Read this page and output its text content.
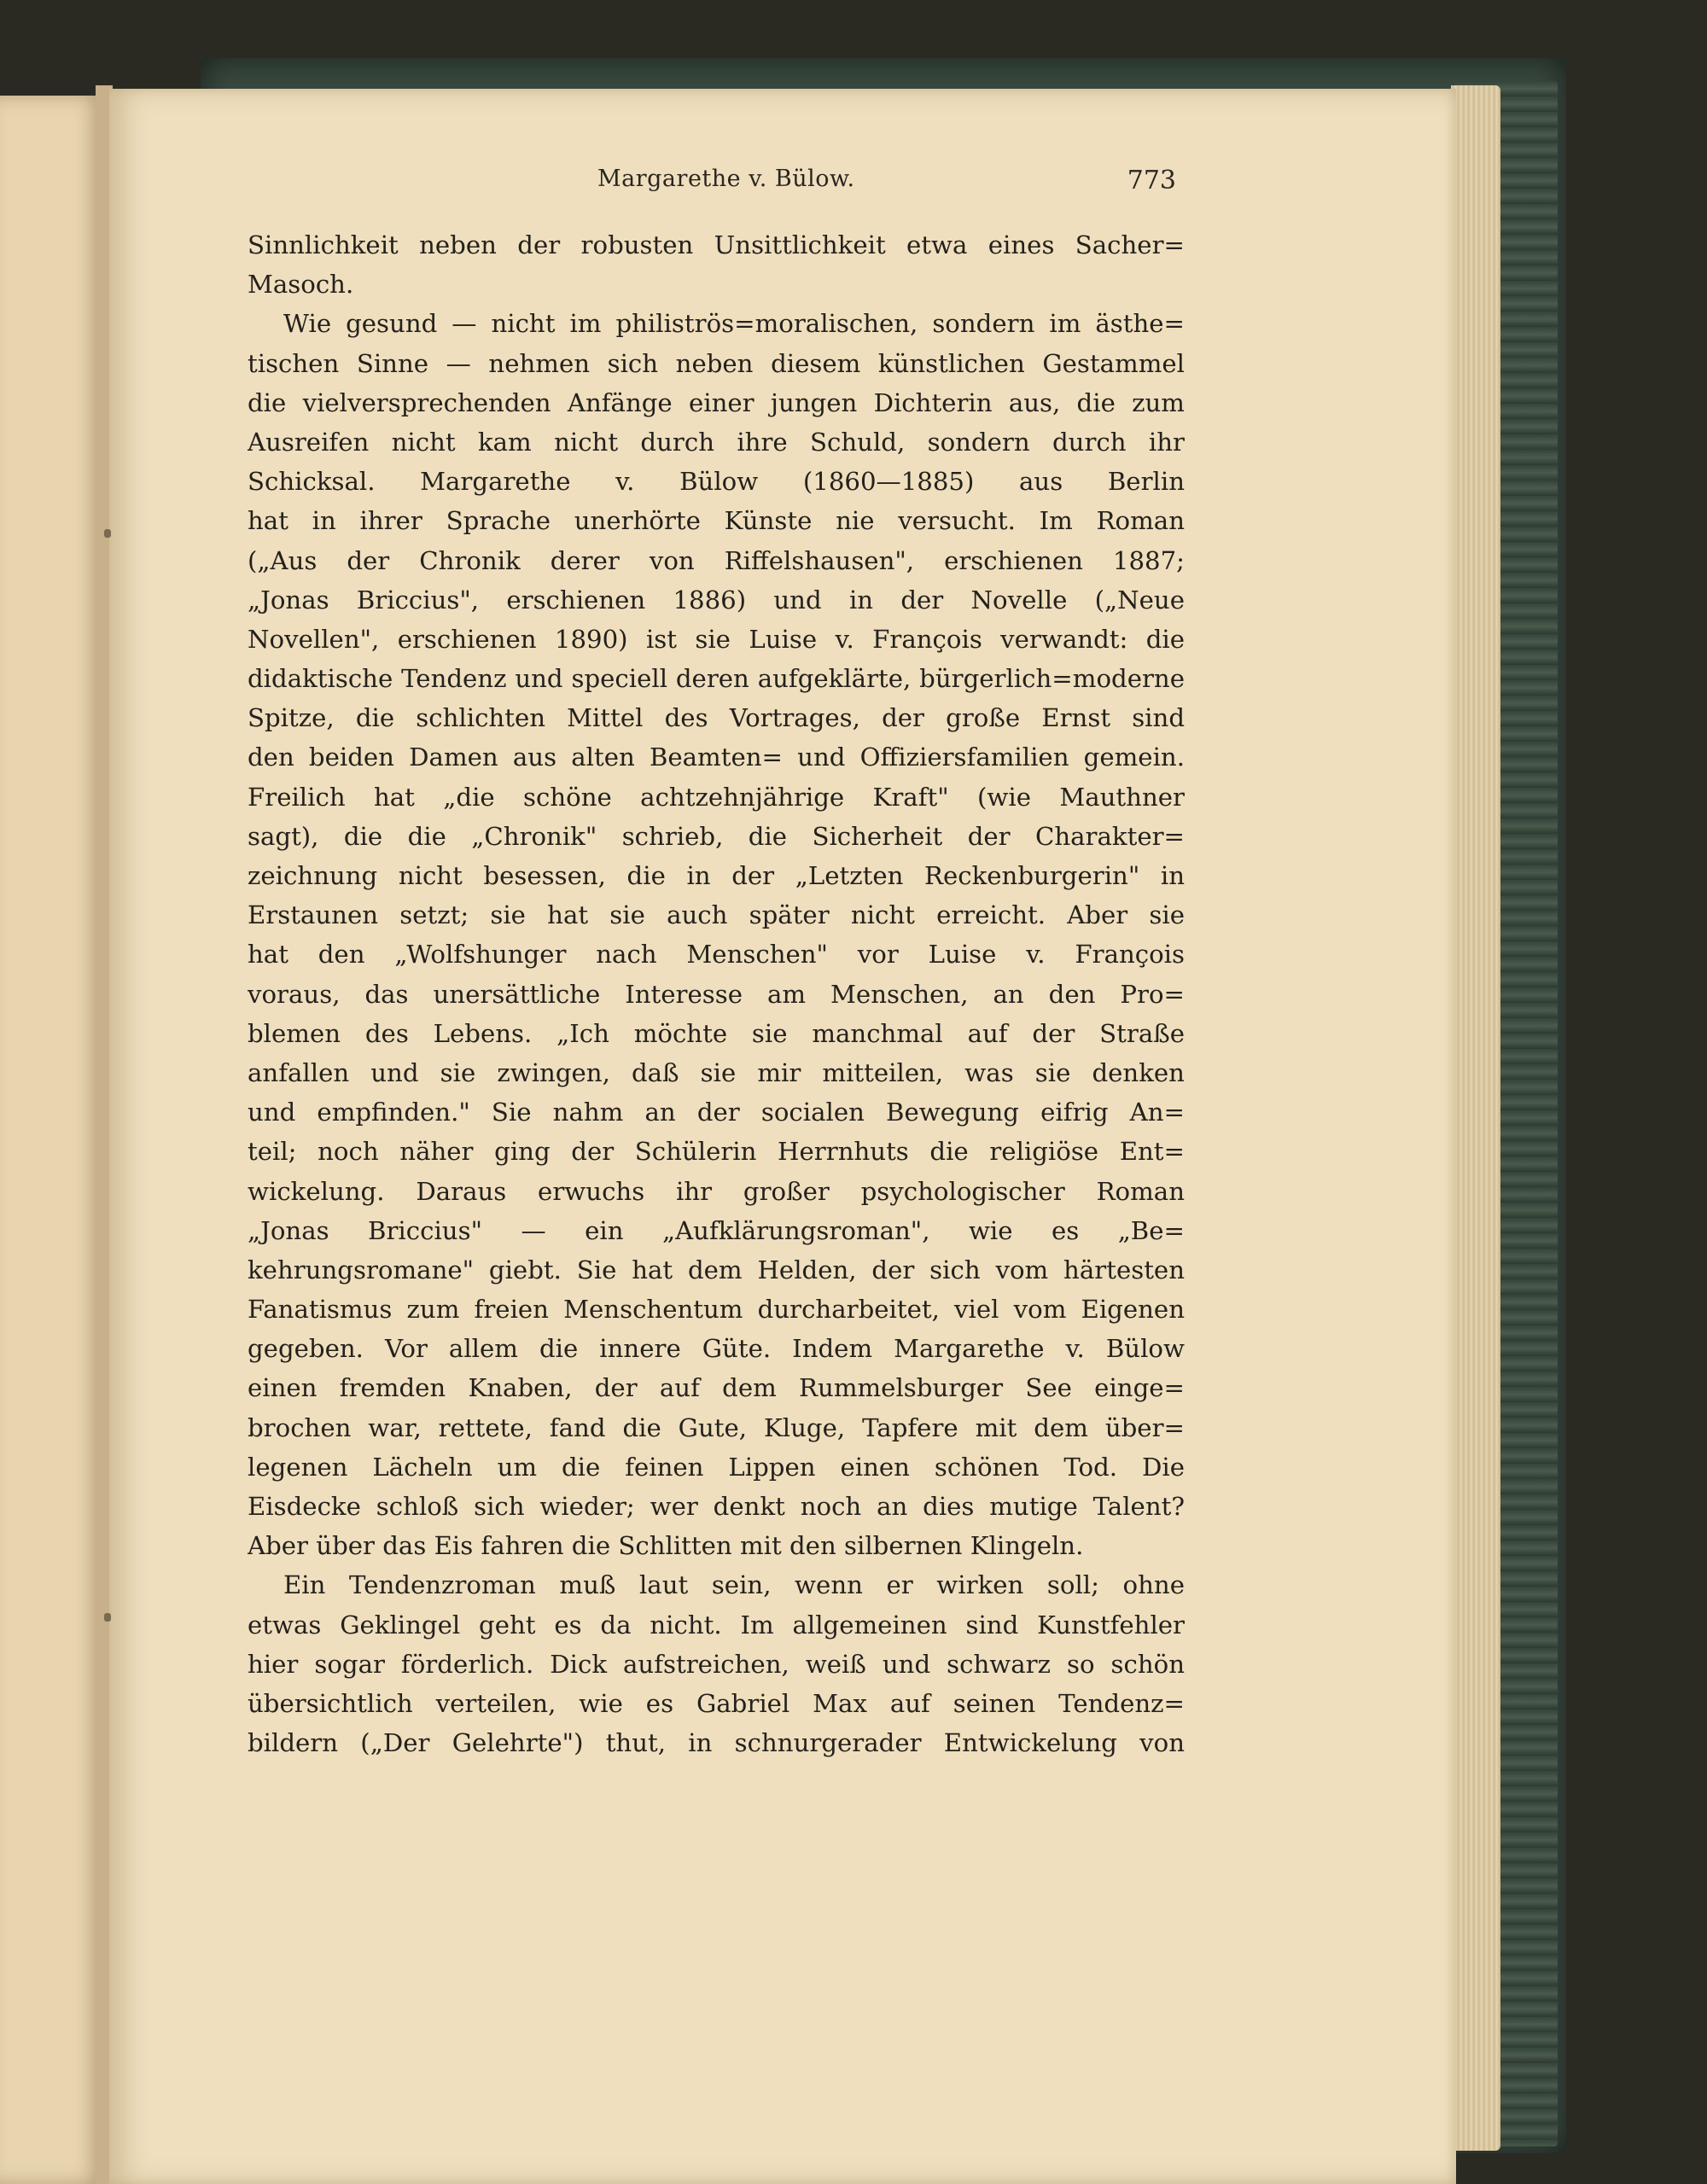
Margarethe v. Bülow.	773
Sinnlichkeit neben der robusten Unsittlichkeit etwa eines Sacher=
Masoch.
Wie gesund — nicht im philiströs=moralischen, sondern im ästhe=
tischen Sinne — nehmen sich neben diesem künstlichen Gestammel
die vielversprechenden Anfänge einer jungen Dichterin aus, die zum
Ausreifen nicht kam nicht durch ihre Schuld, sondern durch ihr
Schicksal. Margarethe v. Bülow (1860—1885) aus Berlin
hat in ihrer Sprache unerhörte Künste nie versucht. Im Roman
(„Aus der Chronik derer von Riffelshausen", erschienen 1887;
„Jonas Briccius", erschienen 1886) und in der Novelle („Neue
Novellen", erschienen 1890) ist sie Luise v. François verwandt: die
didaktische Tendenz und speciell deren aufgeklärte, bürgerlich=moderne
Spitze, die schlichten Mittel des Vortrages, der große Ernst sind
den beiden Damen aus alten Beamten= und Offiziersfamilien gemein.
Freilich hat „die schöne achtzehnjährige Kraft" (wie Mauthner
sagt), die die „Chronik" schrieb, die Sicherheit der Charakter=
zeichnung nicht besessen, die in der „Letzten Reckenburgerin" in
Erstaunen setzt; sie hat sie auch später nicht erreicht. Aber sie
hat den „Wolfshunger nach Menschen" vor Luise v. François
voraus, das unersättliche Interesse am Menschen, an den Pro=
blemen des Lebens. „Ich möchte sie manchmal auf der Straße
anfallen und sie zwingen, daß sie mir mitteilen, was sie denken
und empfinden." Sie nahm an der socialen Bewegung eifrig An=
teil; noch näher ging der Schülerin Herrnhuts die religiöse Ent=
wickelung. Daraus erwuchs ihr großer psychologischer Roman
„Jonas Briccius" — ein „Aufklärungsroman", wie es „Be=
kehrungsromane" giebt. Sie hat dem Helden, der sich vom härtesten
Fanatismus zum freien Menschentum durcharbeitet, viel vom Eigenen
gegeben. Vor allem die innere Güte. Indem Margarethe v. Bülow
einen fremden Knaben, der auf dem Rummelsburger See einge=
brochen war, rettete, fand die Gute, Kluge, Tapfere mit dem über=
legenen Lächeln um die feinen Lippen einen schönen Tod. Die
Eisdecke schloß sich wieder; wer denkt noch an dies mutige Talent?
Aber über das Eis fahren die Schlitten mit den silbernen Klingeln.
Ein Tendenzroman muß laut sein, wenn er wirken soll; ohne
etwas Geklingel geht es da nicht. Im allgemeinen sind Kunstfehler
hier sogar förderlich. Dick aufstreichen, weiß und schwarz so schön
übersichtlich verteilen, wie es Gabriel Max auf seinen Tendenz=
bildern („Der Gelehrte") thut, in schnurgerader Entwickelung von
